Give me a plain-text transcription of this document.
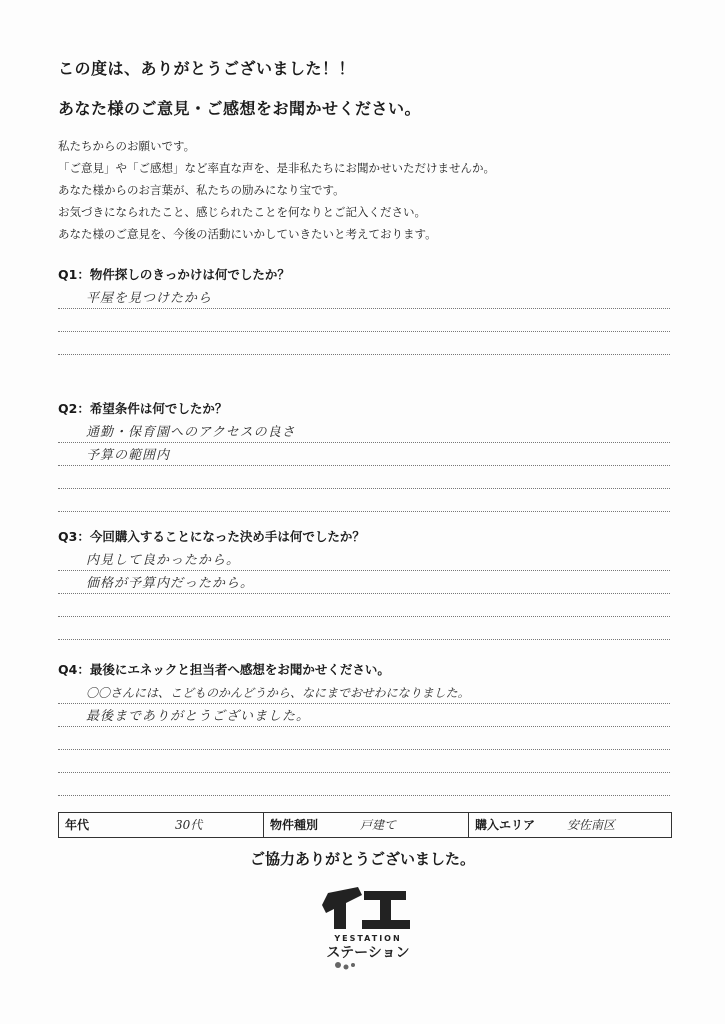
この度は、ありがとうございました！！
あなた様のご意見・ご感想をお聞かせください。
私たちからのお願いです。
「ご意見」や「ご感想」など率直な声を、是非私たちにお聞かせいただけませんか。
あなた様からのお言葉が、私たちの励みになり宝です。
お気づきになられたこと、感じられたことを何なりとご記入ください。
あなた様のご意見を、今後の活動にいかしていきたいと考えております。
Q1：物件探しのきっかけは何でしたか？
平屋を見つけたから
Q2：希望条件は何でしたか？
通勤・保育園へのアクセスの良さ
予算の範囲内
Q3：今回購入することになった決め手は何でしたか？
内見して良かったから。
価格が予算内だったから。
Q4：最後にエネックと担当者へ感想をお聞かせください。
〇〇さんには、こどものかんどうから、なにまでおせわになりました。
最後までありがとうございました。
年代	30代	物件種別	戸建て	購入エリア	安佐南区
ご協力ありがとうございました。
YESTATION
ステーション
